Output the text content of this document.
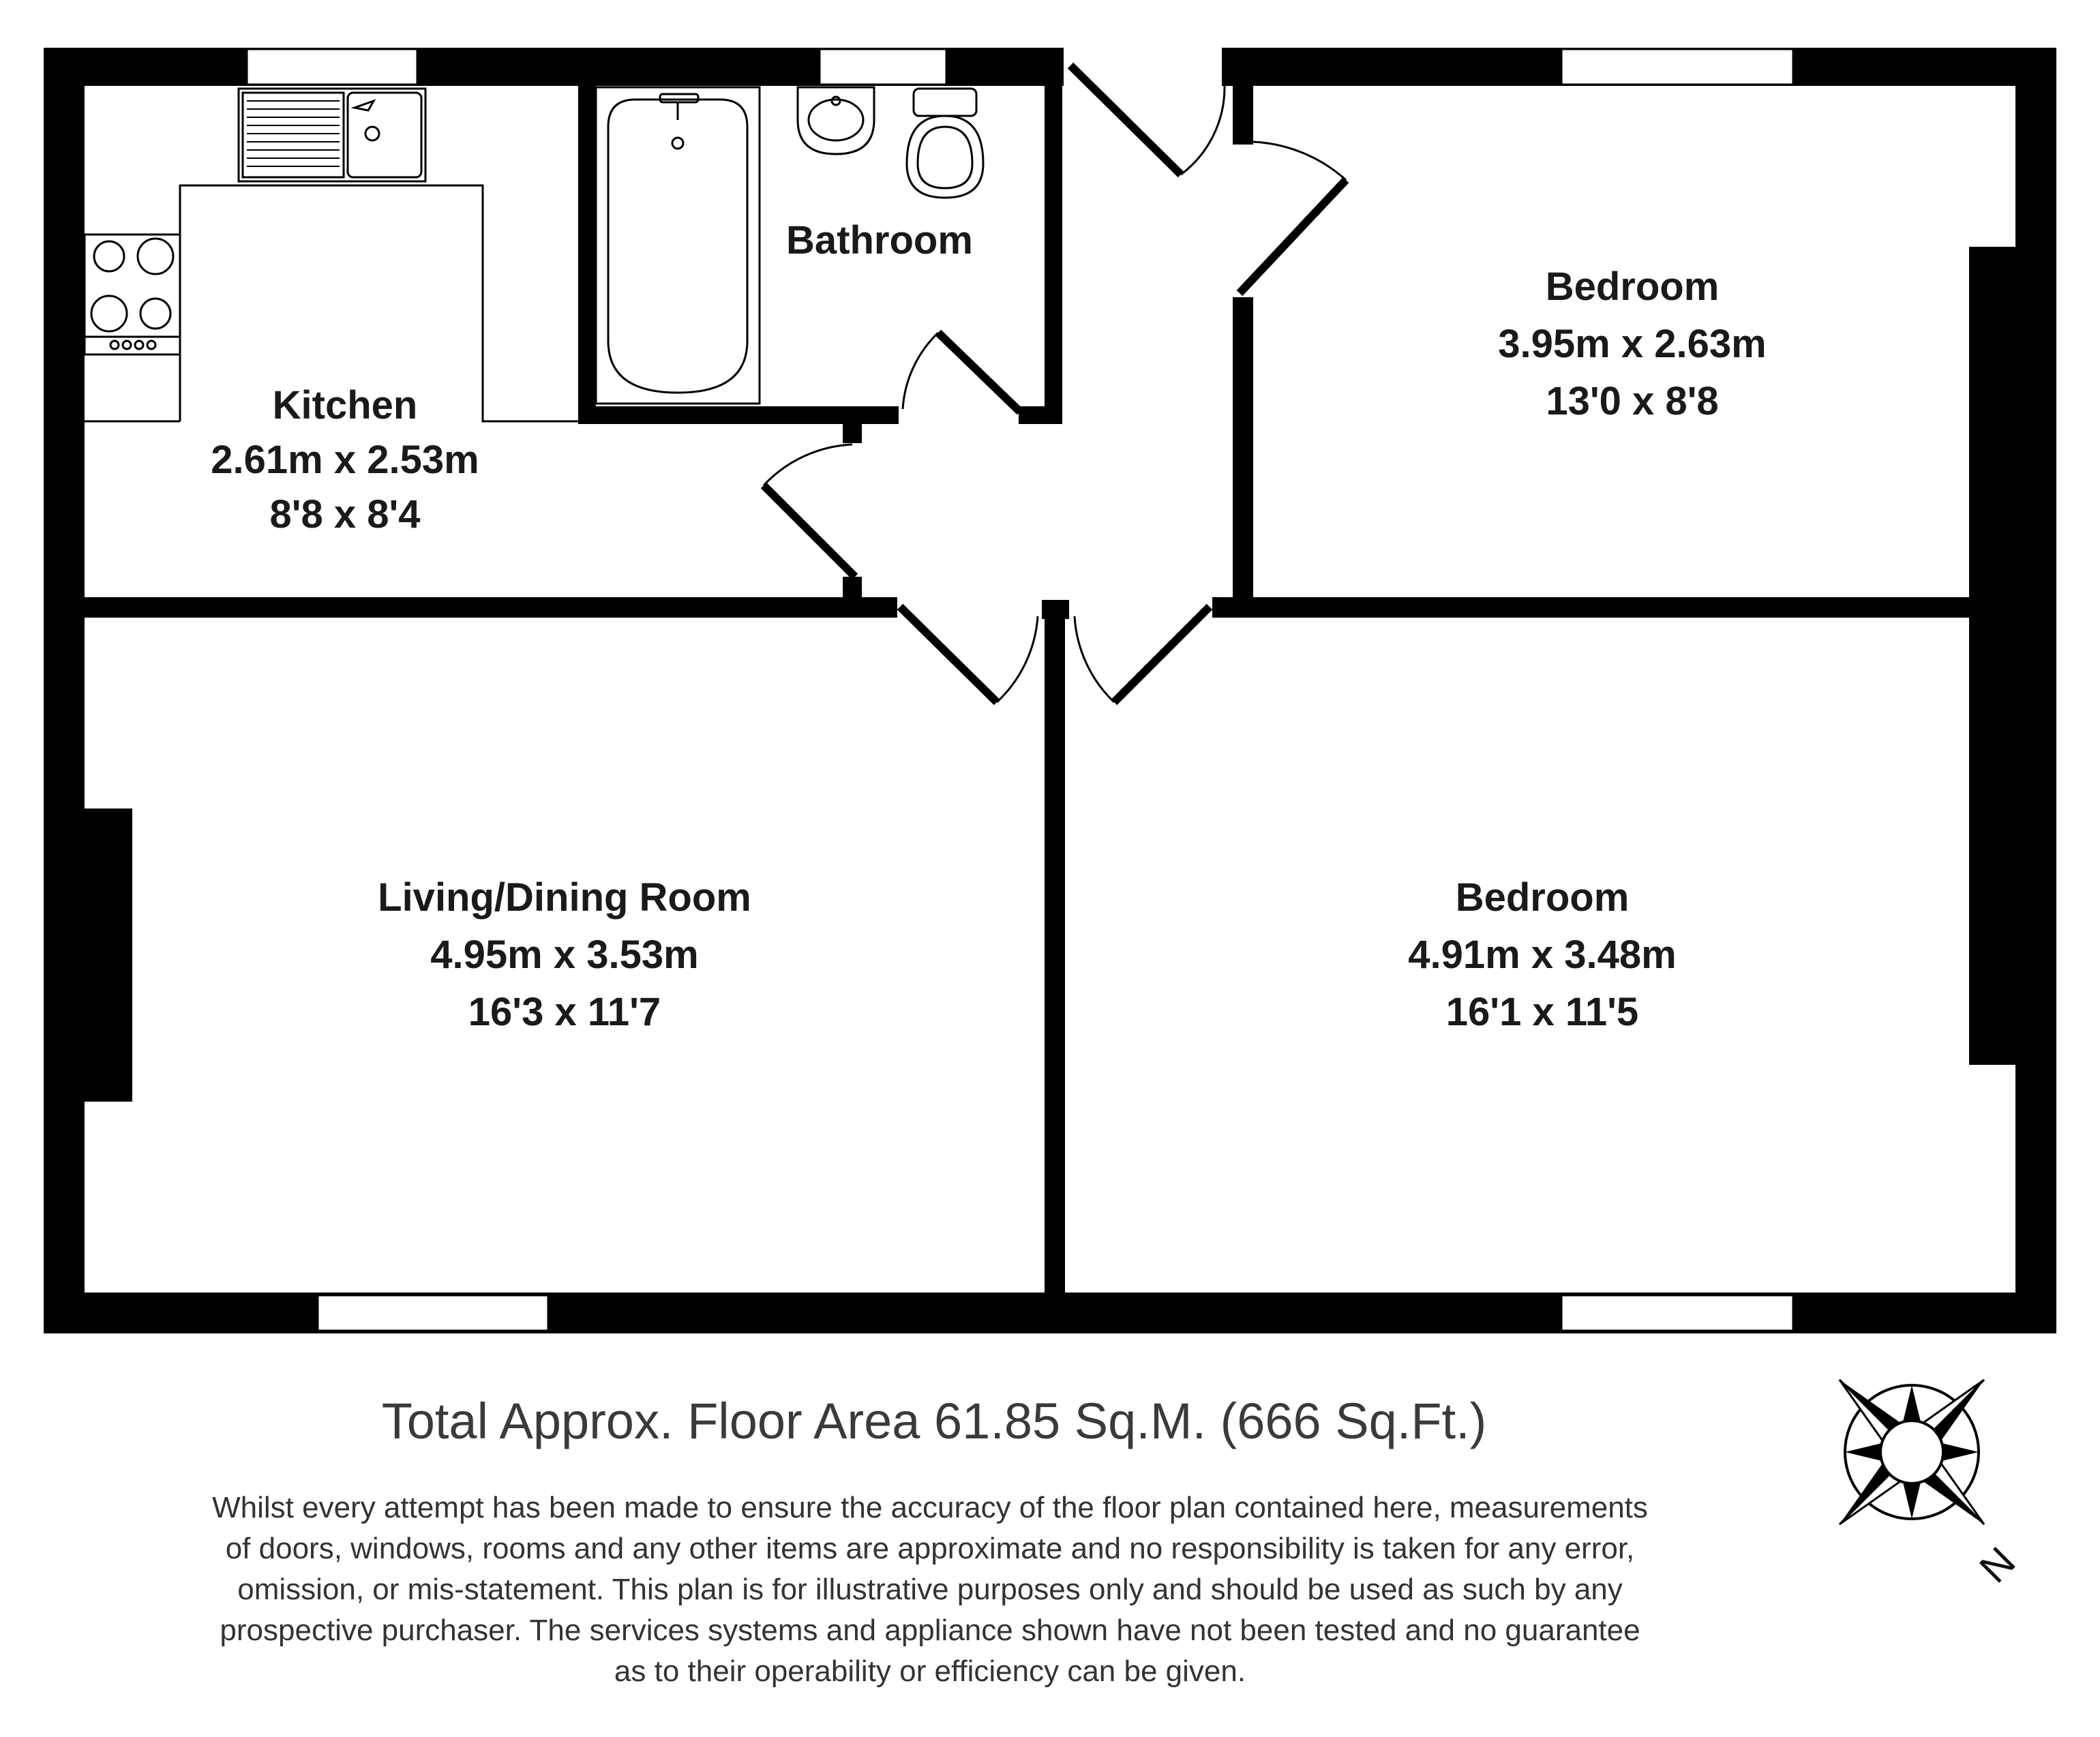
Kitchen
2.61m x 2.53m
8'8 x 8'4
Bathroom
Bedroom
3.95m x 2.63m
13'0 x 8'8
Living/Dining Room
4.95m x 3.53m
16'3 x 11'7
Bedroom
4.91m x 3.48m
16'1 x 11'5
Total Approx. Floor Area 61.85 Sq.M. (666 Sq.Ft.)
Whilst every attempt has been made to ensure the accuracy of the floor plan contained here, measurements
of doors, windows, rooms and any other items are approximate and no responsibility is taken for any error,
omission, or mis-statement. This plan is for illustrative purposes only and should be used as such by any
prospective purchaser. The services systems and appliance shown have not been tested and no guarantee
as to their operability or efficiency can be given.
N
